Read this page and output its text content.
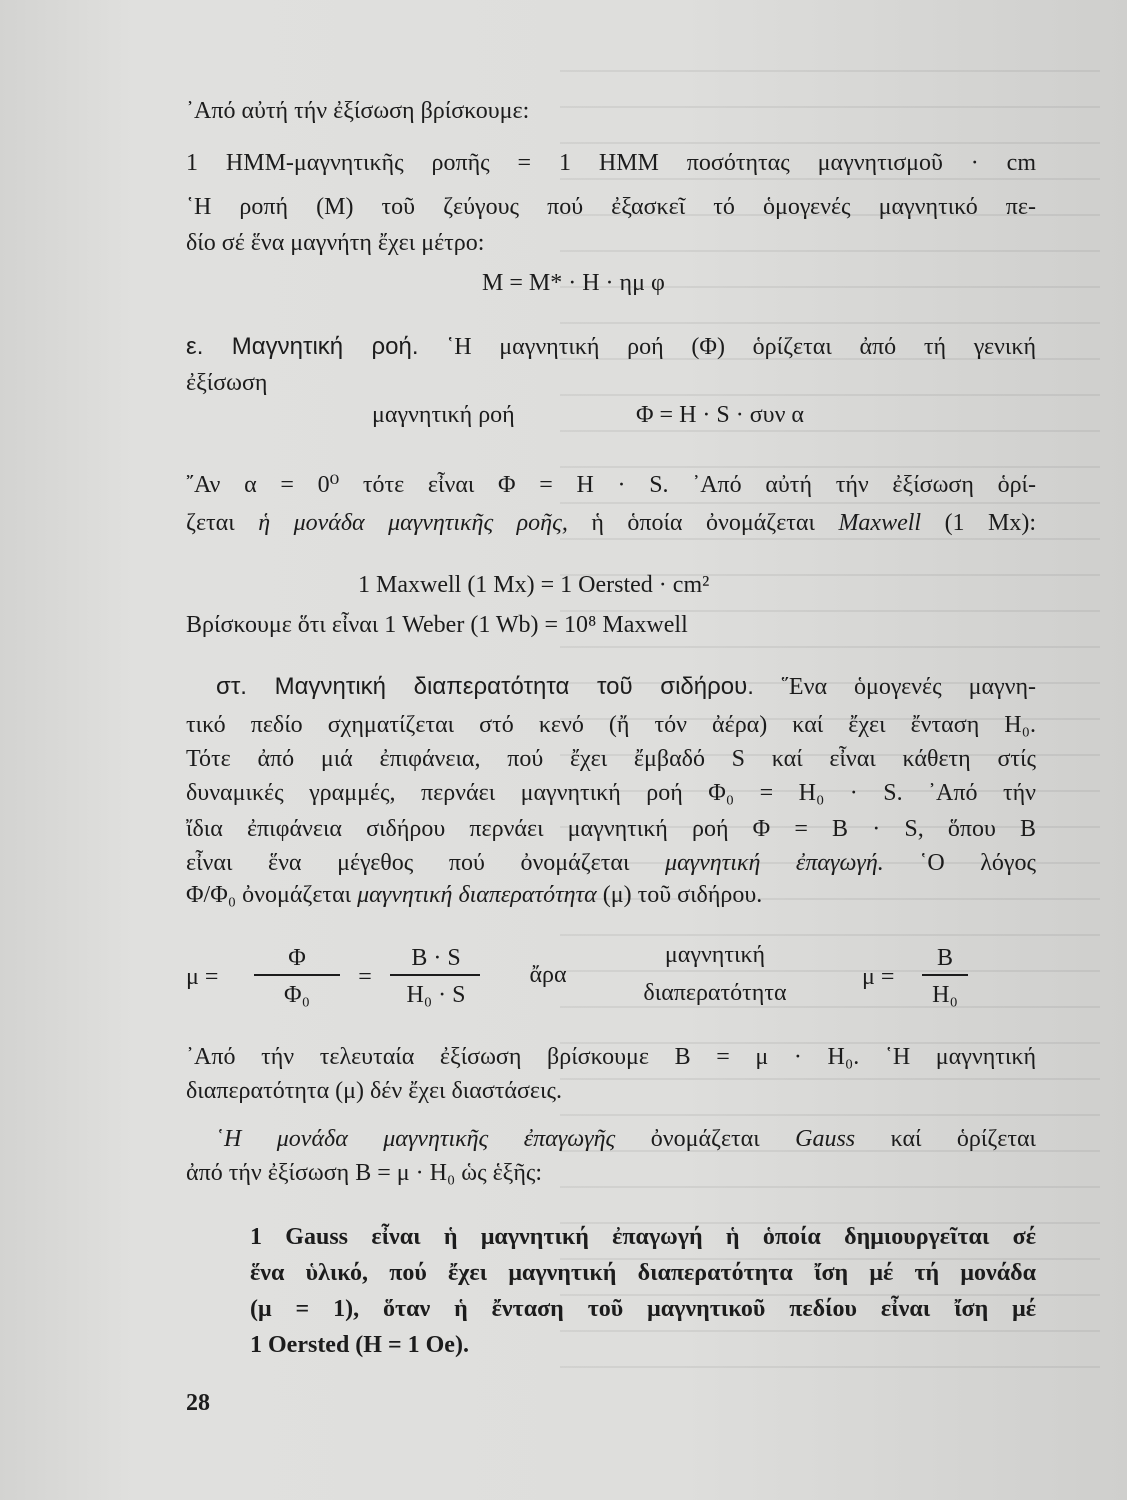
᾿Από αὐτή τήν ἐξίσωση βρίσκουμε:
1 ΗΜΜ-μαγνητικῆς ροπῆς = 1 ΗΜΜ ποσότητας μαγνητισμοῦ · cm
῾Η ροπή (Μ) τοῦ ζεύγους πού ἐξασκεῖ τό ὁμογενές μαγνητικό πε-
δίο σέ ἕνα μαγνήτη ἔχει μέτρο:
M = M* · H · ημ φ
ε. Μαγνητική ροή. ῾Η μαγνητική ροή (Φ) ὁρίζεται ἀπό τή γενική
ἐξίσωση
μαγνητική ροή	Φ = H · S · συν α
῎Αν α = 0⁰ τότε εἶναι Φ = H · S. ᾿Από αὐτή τήν ἐξίσωση ὁρί-
ζεται ἡ μονάδα μαγνητικῆς ροῆς, ἡ ὁποία ὀνομάζεται Maxwell (1 Mx):
1 Maxwell (1 Mx) = 1 Oersted · cm²
Βρίσκουμε ὅτι εἶναι 1 Weber (1 Wb) = 10⁸ Maxwell
στ. Μαγνητική διαπερατότητα τοῦ σιδήρου. ῞Ενα ὁμογενές μαγνη-
τικό πεδίο σχηματίζεται στό κενό (ἤ τόν ἀέρα) καί ἔχει ἔνταση H₀.
Τότε ἀπό μιά ἐπιφάνεια, πού ἔχει ἔμβαδό S καί εἶναι κάθετη στίς
δυναμικές γραμμές, περνάει μαγνητική ροή Φ₀ = H₀ · S. ᾿Από τήν
ἴδια ἐπιφάνεια σιδήρου περνάει μαγνητική ροή Φ = B · S, ὅπου B
εἶναι ἕνα μέγεθος πού ὀνομάζεται μαγνητική ἐπαγωγή. ῾Ο λόγος
Φ/Φ₀ ὀνομάζεται μαγνητική διαπερατότητα (μ) τοῦ σιδήρου.
μ =
Φ
Φ₀
=
B · S
H₀ · S
ἄρα
μαγνητική
διαπερατότητα
μ =
B
H₀
᾿Από τήν τελευταία ἐξίσωση βρίσκουμε B = μ · H₀. ῾Η μαγνητική
διαπερατότητα (μ) δέν ἔχει διαστάσεις.
῾Η μονάδα μαγνητικῆς ἐπαγωγῆς ὀνομάζεται Gauss καί ὁρίζεται
ἀπό τήν ἐξίσωση B = μ · H₀ ὡς ἑξῆς:
1 Gauss εἶναι ἡ μαγνητική ἐπαγωγή ἡ ὁποία δημιουργεῖται σέ
ἕνα ὑλικό, πού ἔχει μαγνητική διαπερατότητα ἴση μέ τή μονάδα
(μ = 1), ὅταν ἡ ἔνταση τοῦ μαγνητικοῦ πεδίου εἶναι ἴση μέ
1 Oersted (H = 1 Oe).
28
